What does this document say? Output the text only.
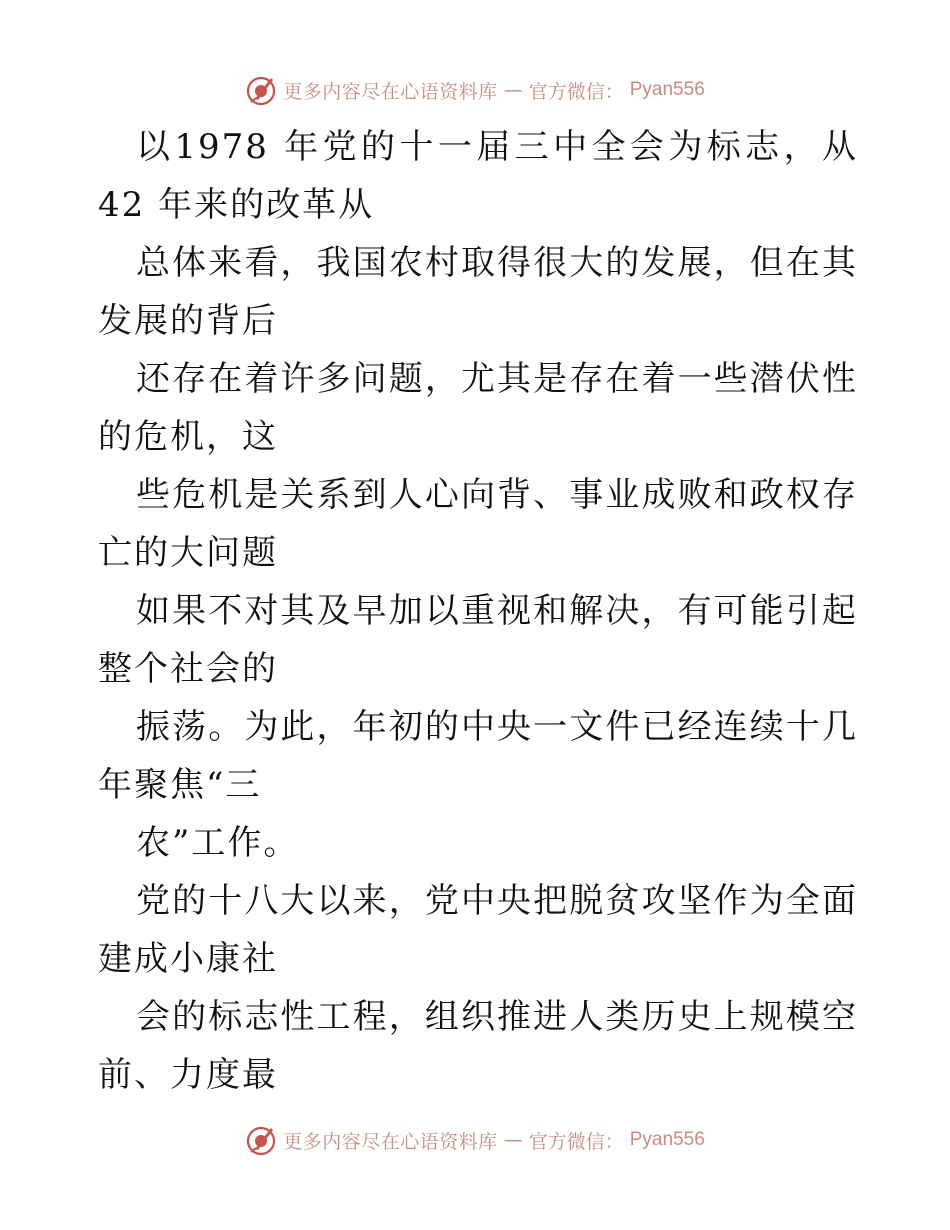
更多内容尽在心语资料库 — 官方微信： Pyan556

以1978 年党的十一届三中全会为标志，从 42 年来的改革从

总体来看，我国农村取得很大的发展，但在其发展的背后

还存在着许多问题，尤其是存在着一些潜伏性的危机，这

些危机是关系到人心向背、事业成败和政权存亡的大问题

如果不对其及早加以重视和解决，有可能引起整个社会的

振荡。为此，年初的中央一文件已经连续十几年聚焦“三

农”工作。

党的十八大以来，党中央把脱贫攻坚作为全面建成小康社

会的标志性工程，组织推进人类历史上规模空前、力度最

更多内容尽在心语资料库 — 官方微信： Pyan556
